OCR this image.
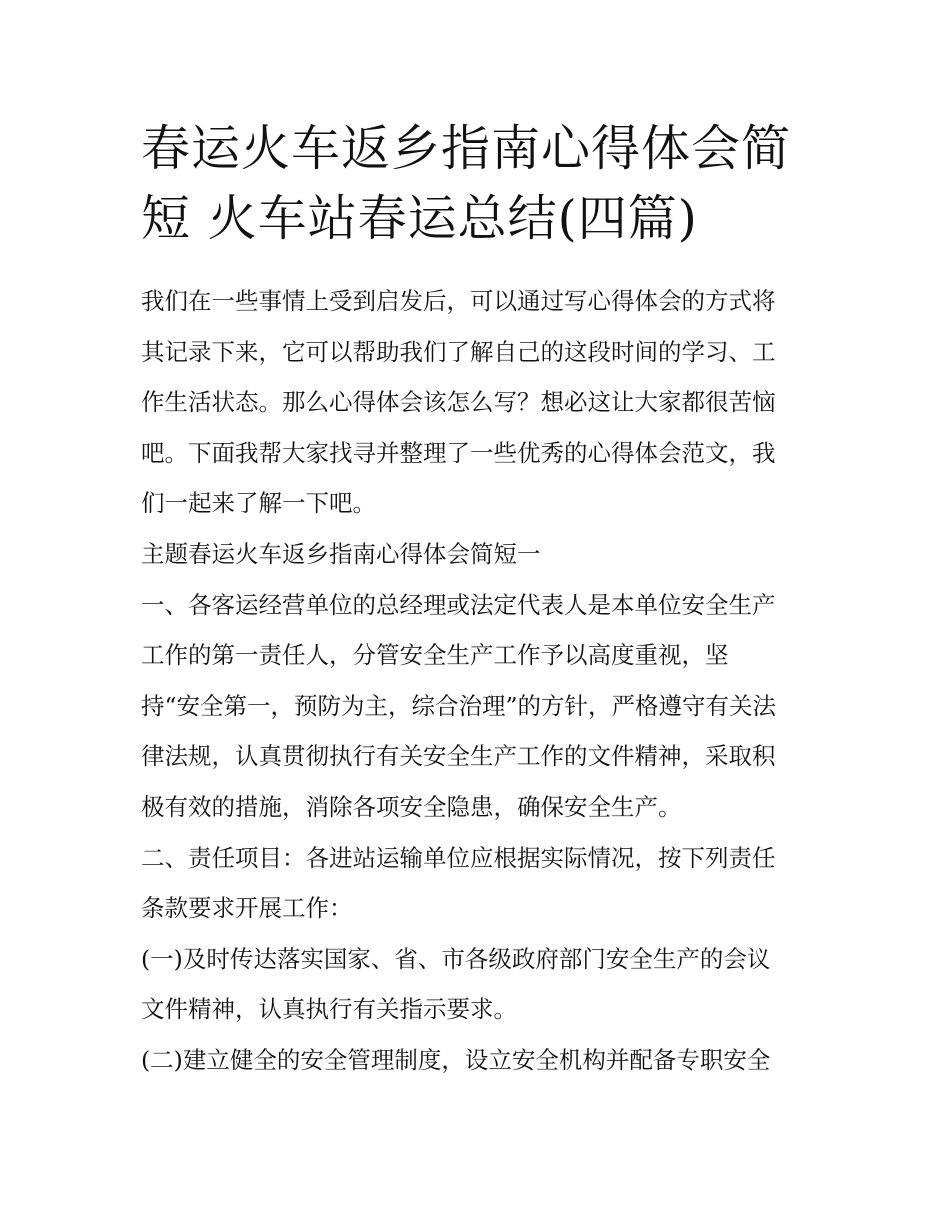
春运火车返乡指南心得体会简
短 火车站春运总结(四篇)
我们在一些事情上受到启发后，可以通过写心得体会的方式将
其记录下来，它可以帮助我们了解自己的这段时间的学习、工
作生活状态。那么心得体会该怎么写？想必这让大家都很苦恼
吧。下面我帮大家找寻并整理了一些优秀的心得体会范文，我
们一起来了解一下吧。
主题春运火车返乡指南心得体会简短一
一、各客运经营单位的总经理或法定代表人是本单位安全生产
工作的第一责任人，分管安全生产工作予以高度重视，坚
持“安全第一，预防为主，综合治理”的方针，严格遵守有关法
律法规，认真贯彻执行有关安全生产工作的文件精神，采取积
极有效的措施，消除各项安全隐患，确保安全生产。
二、责任项目：各进站运输单位应根据实际情况，按下列责任
条款要求开展工作：
(一)及时传达落实国家、省、市各级政府部门安全生产的会议
文件精神，认真执行有关指示要求。
(二)建立健全的安全管理制度，设立安全机构并配备专职安全
